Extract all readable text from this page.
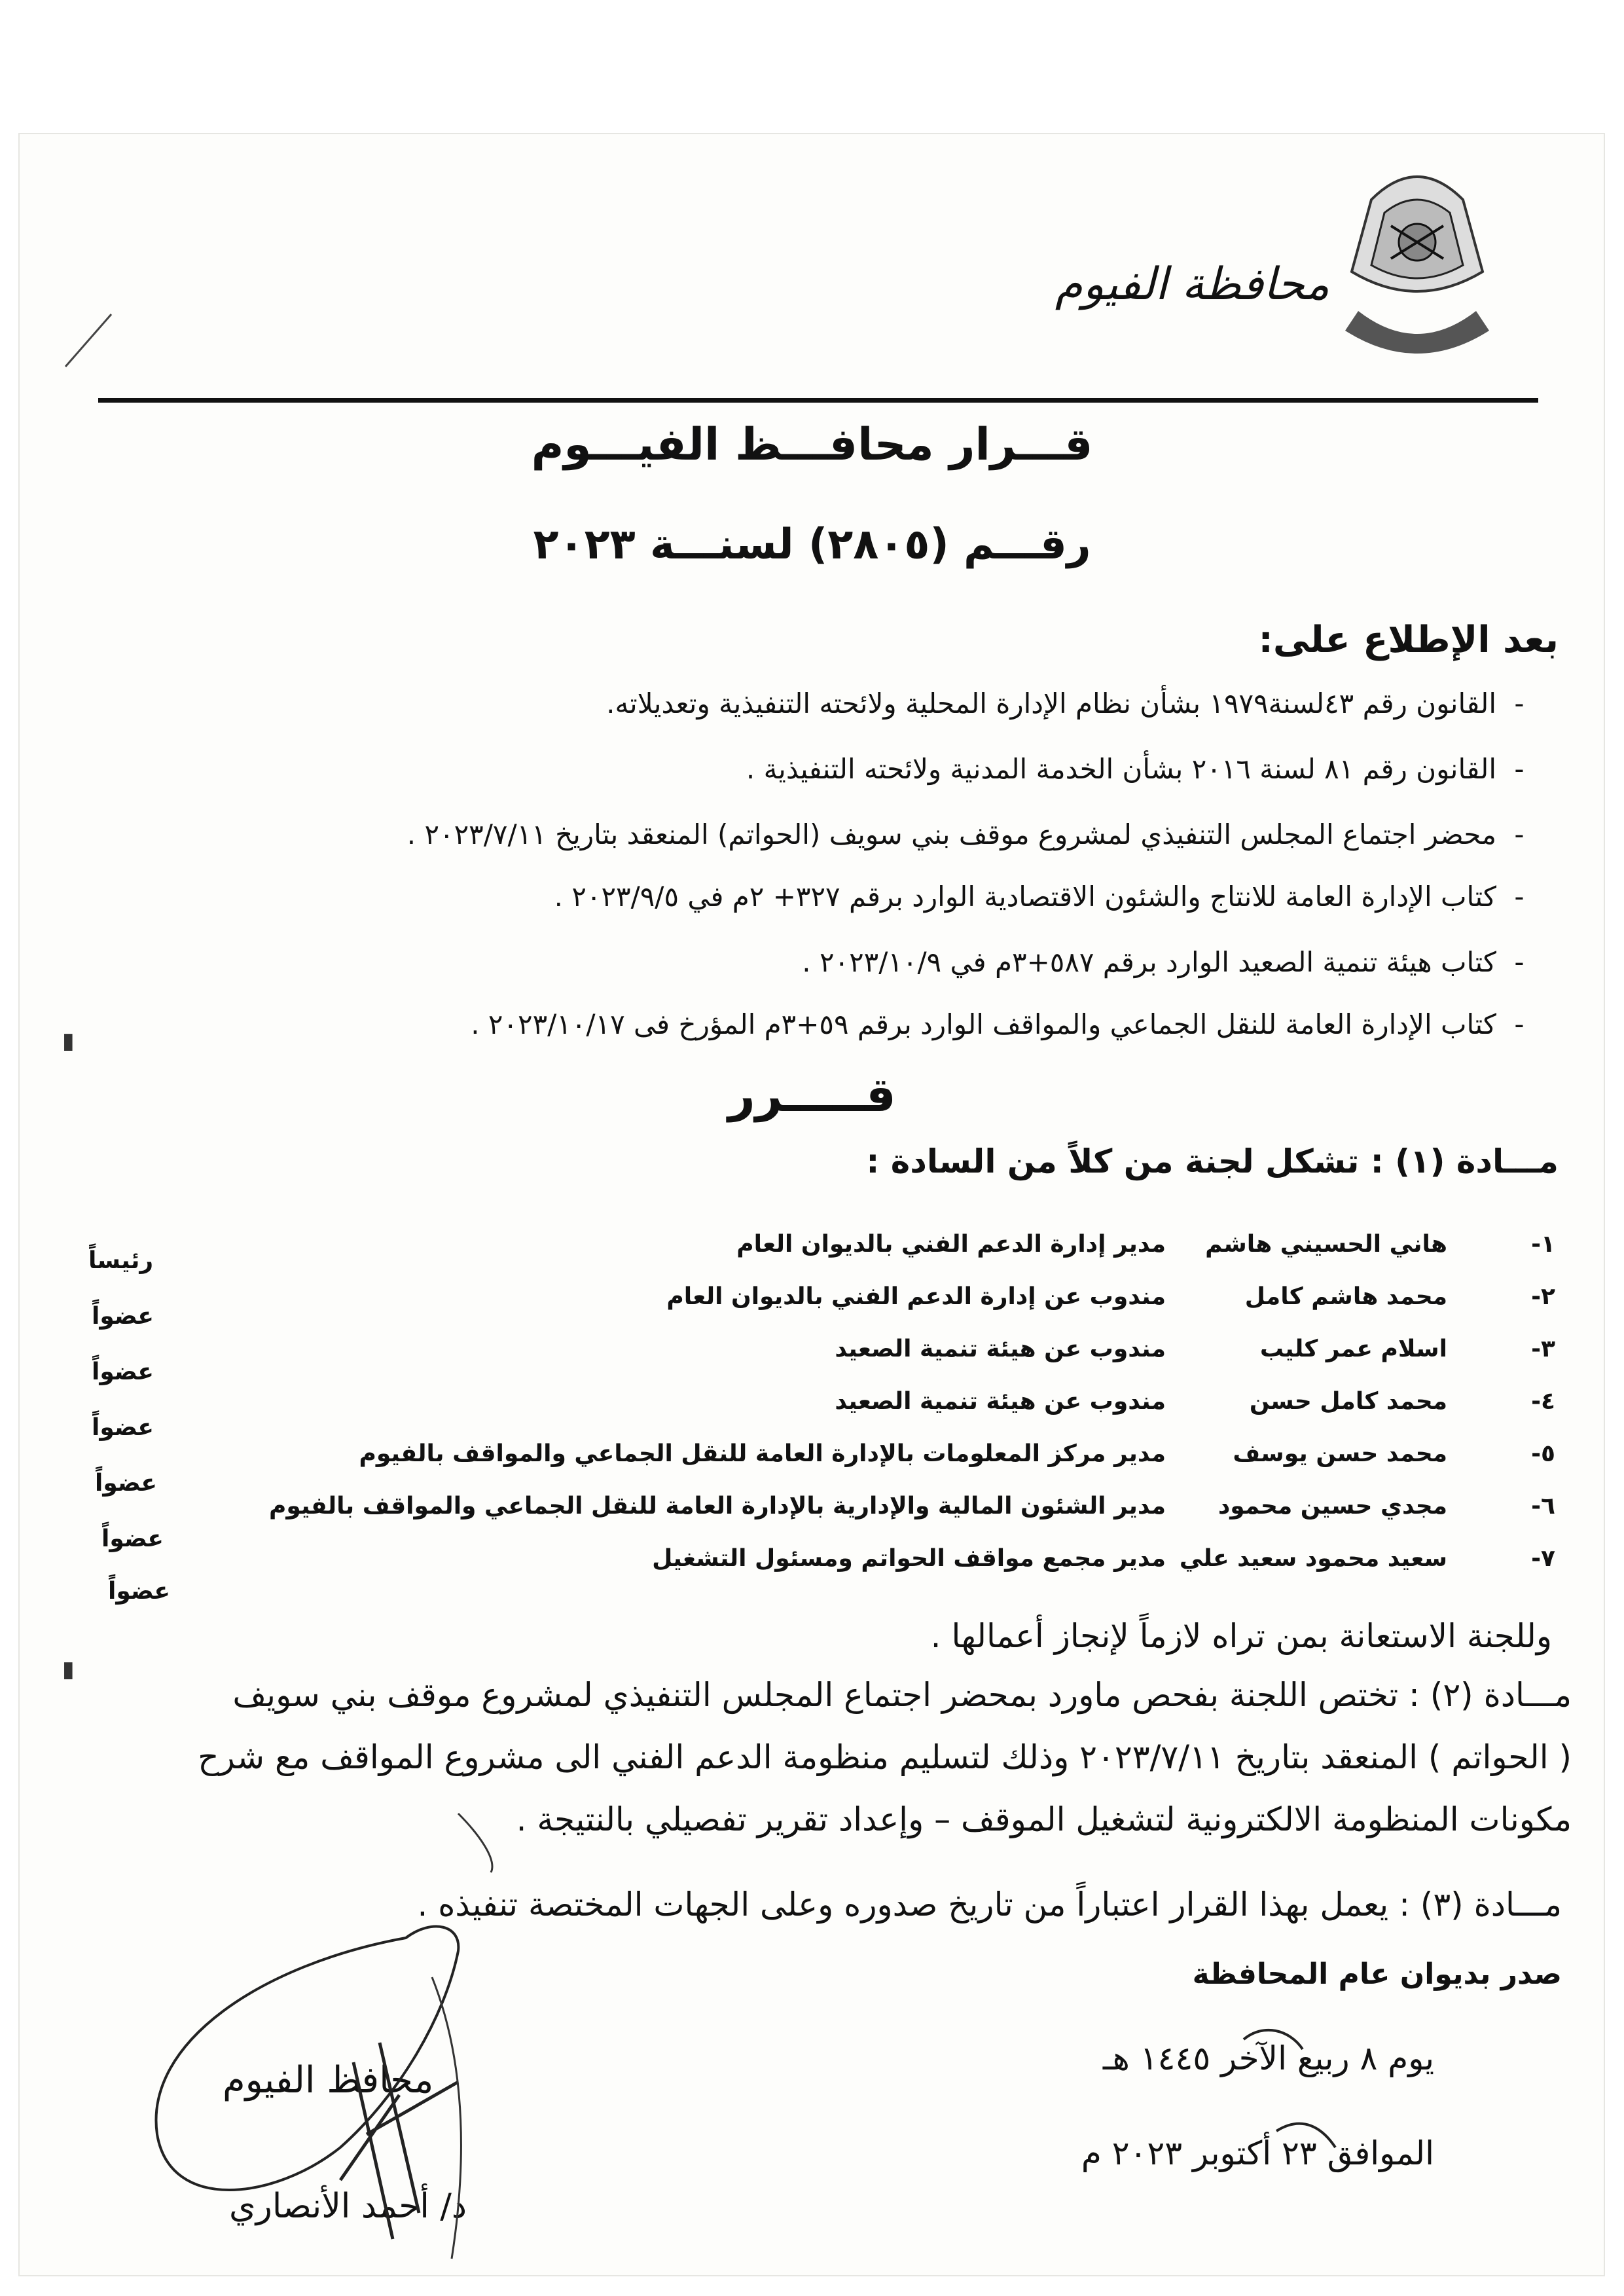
محافظة الفيوم
قـــرار محافـــظ الفيـــوم
رقـــم (٢٨٠٥) لسنـــة ٢٠٢٣
بعد الإطلاع على:
-القانون رقم ٤٣لسنة١٩٧٩ بشأن نظام الإدارة المحلية ولائحته التنفيذية وتعديلاته.
-القانون رقم ٨١ لسنة ٢٠١٦ بشأن الخدمة المدنية ولائحته التنفيذية .
-محضر اجتماع المجلس التنفيذي لمشروع موقف بني سويف (الحواتم) المنعقد بتاريخ ٢٠٢٣/٧/١١ .
-كتاب الإدارة العامة للانتاج والشئون الاقتصادية الوارد برقم ٣٢٧+ ٢م في ٢٠٢٣/٩/٥ .
-كتاب هيئة تنمية الصعيد الوارد برقم ٥٨٧+٣م في ٢٠٢٣/١٠/٩ .
-كتاب الإدارة العامة للنقل الجماعي والمواقف الوارد برقم ٥٩+٣م المؤرخ فى ٢٠٢٣/١٠/١٧ .
قـــــرر
مـــادة (١) : تشكل لجنة من كلاً من السادة :
١-
هاني الحسيني هاشم
مدير إدارة الدعم الفني بالديوان العام
٢-
محمد هاشم كامل
مندوب عن إدارة الدعم الفني بالديوان العام
٣-
اسلام عمر كليب
مندوب عن هيئة تنمية الصعيد
٤-
محمد كامل حسن
مندوب عن هيئة تنمية الصعيد
٥-
محمد حسن يوسف
مدير مركز المعلومات بالإدارة العامة للنقل الجماعي والمواقف بالفيوم
٦-
مجدي حسين محمود
مدير الشئون المالية والإدارية بالإدارة العامة للنقل الجماعي والمواقف بالفيوم
٧-
سعيد محمود سعيد علي
مدير مجمع مواقف الحواتم ومسئول التشغيل
رئيساً
عضواً
عضواً
عضواً
عضواً
عضواً
عضواً
وللجنة الاستعانة بمن تراه لازماً لإنجاز أعمالها .
مـــادة (٢) : تختص اللجنة بفحص ماورد بمحضر اجتماع المجلس التنفيذي لمشروع موقف بني سويف
( الحواتم ) المنعقد بتاريخ ٢٠٢٣/٧/١١ وذلك لتسليم منظومة الدعم الفني الى مشروع المواقف مع شرح
مكونات المنظومة الالكترونية لتشغيل الموقف – وإعداد تقرير تفصيلي بالنتيجة .
مـــادة (٣) : يعمل بهذا القرار اعتباراً من تاريخ صدوره وعلى الجهات المختصة تنفيذه .
صدر بديوان عام المحافظة
يوم ٨ ربيع الآخر ١٤٤٥ هـ
الموافق ٢٣ أكتوبر ٢٠٢٣ م
محافظ الفيوم
د/ أحمد الأنصاري
▮
▮
